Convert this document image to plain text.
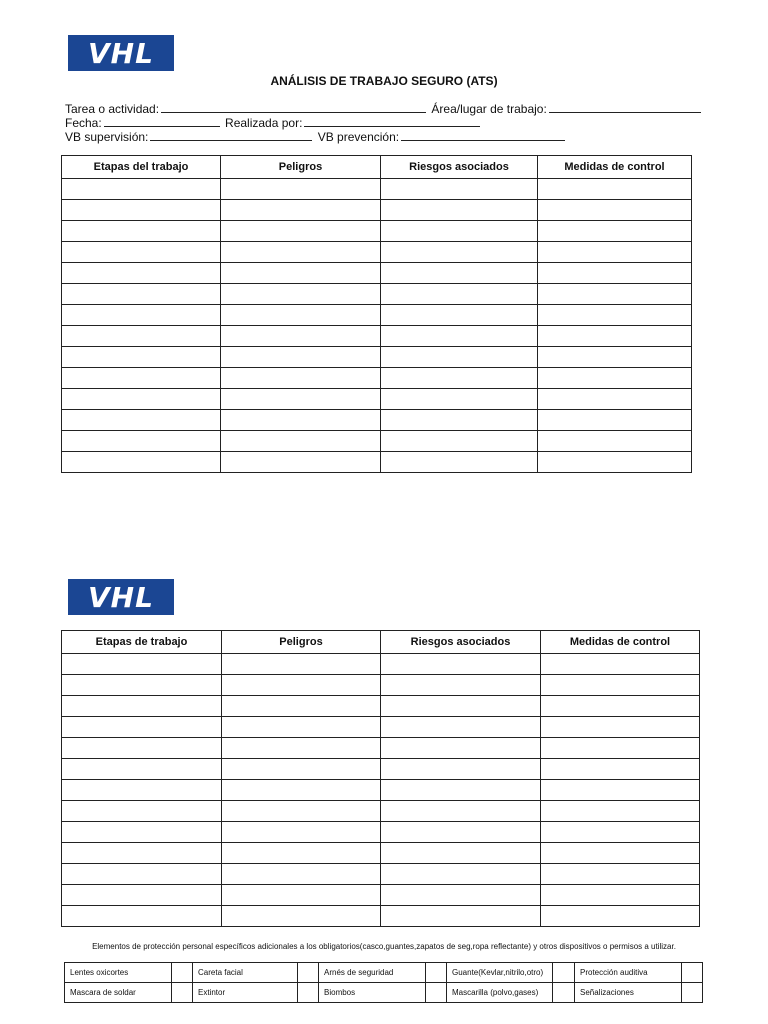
VHL
ANÁLISIS DE TRABAJO SEGURO (ATS)
Tarea o actividad:	Área/lugar de trabajo:
Fecha:	Realizada por:
VB supervisión:	VB prevención:
Etapas del trabajo	Peligros	Riesgos asociados	Medidas de control

VHL
Etapas de trabajo	Peligros	Riesgos asociados	Medidas de control

Elementos de protección personal específicos adicionales a los obligatorios(casco,guantes,zapatos de seg,ropa reflectante) y otros dispositivos o permisos a utilizar.
Lentes oxicortes		Careta facial		Arnés de seguridad		Guante(Kevlar,nitrilo,otro)		Protección auditiva	
Mascara de soldar		Extintor		Biombos		Mascarilla (polvo,gases)		Señalizaciones	
